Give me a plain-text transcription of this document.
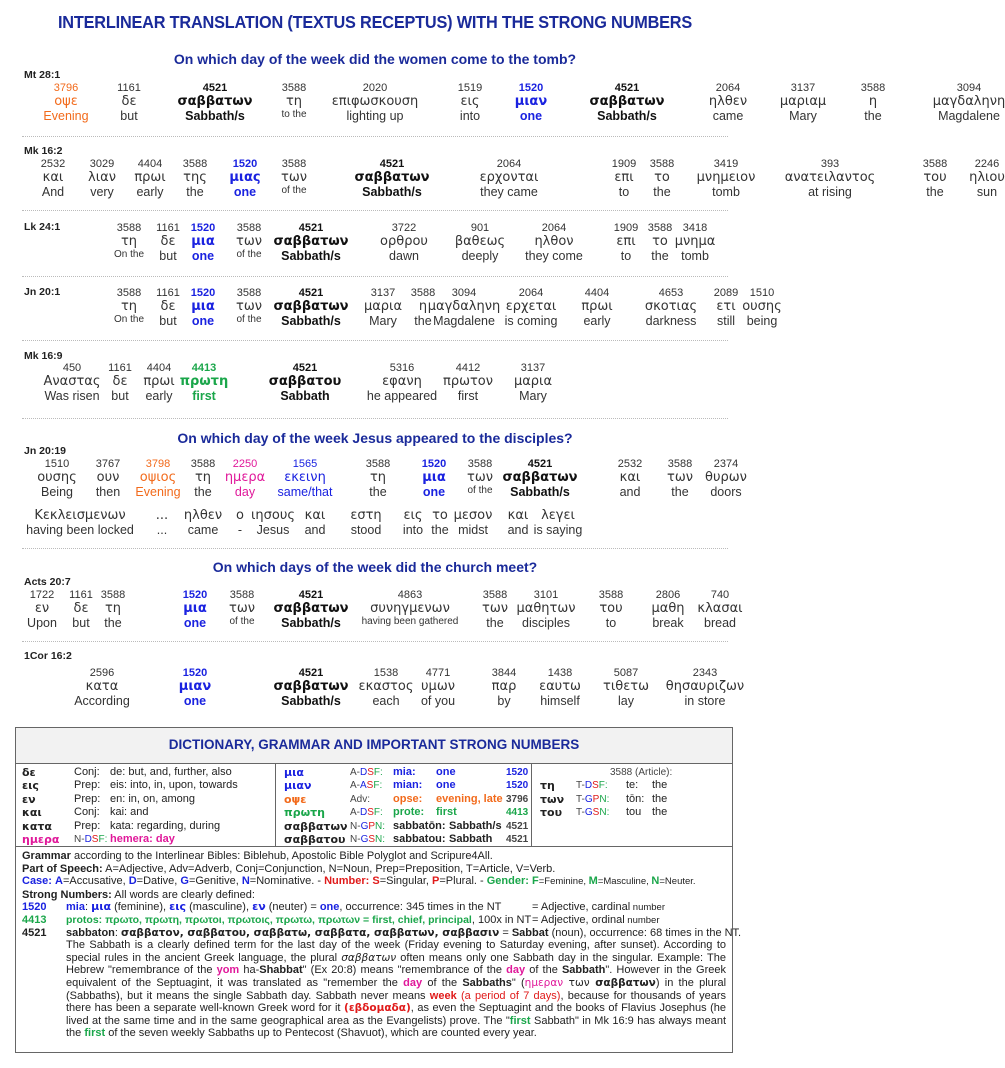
INTERLINEAR TRANSLATION (TEXTUS RECEPTUS) WITH THE STRONG NUMBERS
On which day of the week did the women come to the tomb?
Mt 28:1
3796
οψε
Evening
1161
δε
but
4521
σαββατων
Sabbath/s
3588
τη
to the
2020
επιφωσκουση
lighting up
1519
εις
into
1520
μιαν
one
4521
σαββατων
Sabbath/s
2064
ηλθεν
came
3137
μαριαμ
Mary
3588
η
the
3094
μαγδαληνη
Magdalene
Mk 16:2
2532
και
And
3029
λιαν
very
4404
πρωι
early
3588
της
the
1520
μιας
one
3588
των
of the
4521
σαββατων
Sabbath/s
2064
ερχονται
they came
1909
επι
to
3588
το
the
3419
μνημειον
tomb
393
ανατειλαντος
at rising
3588
του
the
2246
ηλιου
sun
Lk 24:1	3588
τη
On the
1161
δε
but
1520
μια
one
3588
των
of the
4521
σαββατων
Sabbath/s
3722
ορθρου
dawn
901
βαθεως
deeply
2064
ηλθον
they come
1909
επι
to
3588
το
the
3418
μνημα
tomb
Jn 20:1	3588
τη
On the
1161
δε
but
1520
μια
one
3588
των
of the
4521
σαββατων
Sabbath/s
3137
μαρια
Mary
3588
η
the
3094
μαγδαληνη
Magdalene
2064
ερχεται
is coming
4404
πρωι
early
4653
σκοτιας
darkness
2089
ετι
still
1510
ουσης
being
Mk 16:9
450
Αναστας
Was risen
1161
δε
but
4404
πρωι
early
4413
πρωτη
first
4521
σαββατου
Sabbath
5316
εφανη
he appeared
4412
πρωτον
first
3137
μαρια
Mary
On which day of the week Jesus appeared to the disciples?
Jn 20:19
1510
ουσης
Being
3767
ουν
then
3798
οψιος
Evening
3588
τη
the
2250
ημερα
day
1565
εκεινη
same/that
3588
τη
the
1520
μια
one
3588
των
of the
4521
σαββατων
Sabbath/s
2532
και
and
3588
των
the
2374
θυρων
doors
Κεκλεισμενων
having been locked
...
...
ηλθεν
came
ο
-
ιησους
Jesus
και
and
εστη
stood
εις
into
το
the
μεσον
midst
και
and
λεγει
is saying
On which days of the week did the church meet?
Acts 20:7
1722
εν
Upon
1161
δε
but
3588
τη
the
1520
μια
one
3588
των
of the
4521
σαββατων
Sabbath/s
4863
συνηγμενων
having been gathered
3588
των
the
3101
μαθητων
disciples
3588
του
to
2806
μαθη
break
740
κλασαι
bread
1Cor 16:2
2596
κατα
According
1520
μιαν
one
4521
σαββατων
Sabbath/s
1538
εκαστος
each
4771
υμων
of you
3844
παρ
by
1438
εαυτω
himself
5087
τιθετω
lay
2343
θησαυριζων
in store
DICTIONARY, GRAMMAR AND IMPORTANT STRONG NUMBERS
δε	Conj: de: but, and, further, also
εις	Prep: eis: into, in, upon, towards
εν	Prep: en: in, on, among
και	Conj: kai: and
κατα Prep: kata: regarding, during
ημερα N-DSF: hemera: day
μια	A-DSF: mia: one	1520
μιαν	A-ASF: mian: one	1520
οψε	Adv: opse: evening, late 3796
πρωτη	A-DSF: prote: first	4413
σαββατων N-GPN: sabbatōn: Sabbath/s 4521
σαββατου N-GSN: sabbatou: Sabbath 4521
3588 (Article):
τη T-DSF: te: the
των T-GPN: tōn: the
του T-GSN: tou the
Grammar according to the Interlinear Bibles: Biblehub, Apostolic Bible Polyglot and Scripure4All.
Part of Speech: A=Adjective, Adv=Adverb, Conj=Conjunction, N=Noun, Prep=Preposition, T=Article, V=Verb.
Case: A=Accusative, D=Dative, G=Genitive, N=Nominative. - Number: S=Singular, P=Plural. - Gender: F=Feminine, M=Masculine, N=Neuter.
Strong Numbers: All words are clearly defined:
1520 mia: μια (feminine), εις (masculine), εν (neuter) = one, occurrence: 345 times in the NT	= Adjective, cardinal number
4413 protos: πρωτο, πρωτη, πρωτοι, πρωτοις, πρωτω, πρωτων = first, chief, principal, 100x in NT = Adjective, ordinal number
4521 sabbaton: σαββατον, σαββατου, σαββατω, σαββατα, σαββατων, σαββασιν = Sabbat (noun), occurrence: 68 times in the NT.
The Sabbath is a clearly defined term for the last day of the week (Friday evening to Saturday evening, after sunset). According to special rules in the ancient Greek language, the plural σαββατων often means only one Sabbath day in the singular. Example: The Hebrew "remembrance of the yom ha-Shabbat" (Ex 20:8) means "remembrance of the day of the Sabbath". However in the Greek equivalent of the Septuagint, it was translated as "remember the day of the Sabbaths" (ημεραν των σαββατων) in the plural (Sabbaths), but it means the single Sabbath day. Sabbath never means week (a period of 7 days), because for thousands of years there has been a separate well-known Greek word for it (εβδομαδα), as even the Septuagint and the books of Flavius Josephus (he lived at the same time and in the same geographical area as the Evangelists) prove. The "first Sabbath" in Mk 16:9 has always meant the first of the seven weekly Sabbaths up to Pentecost (Shavuot), which are counted every year.
